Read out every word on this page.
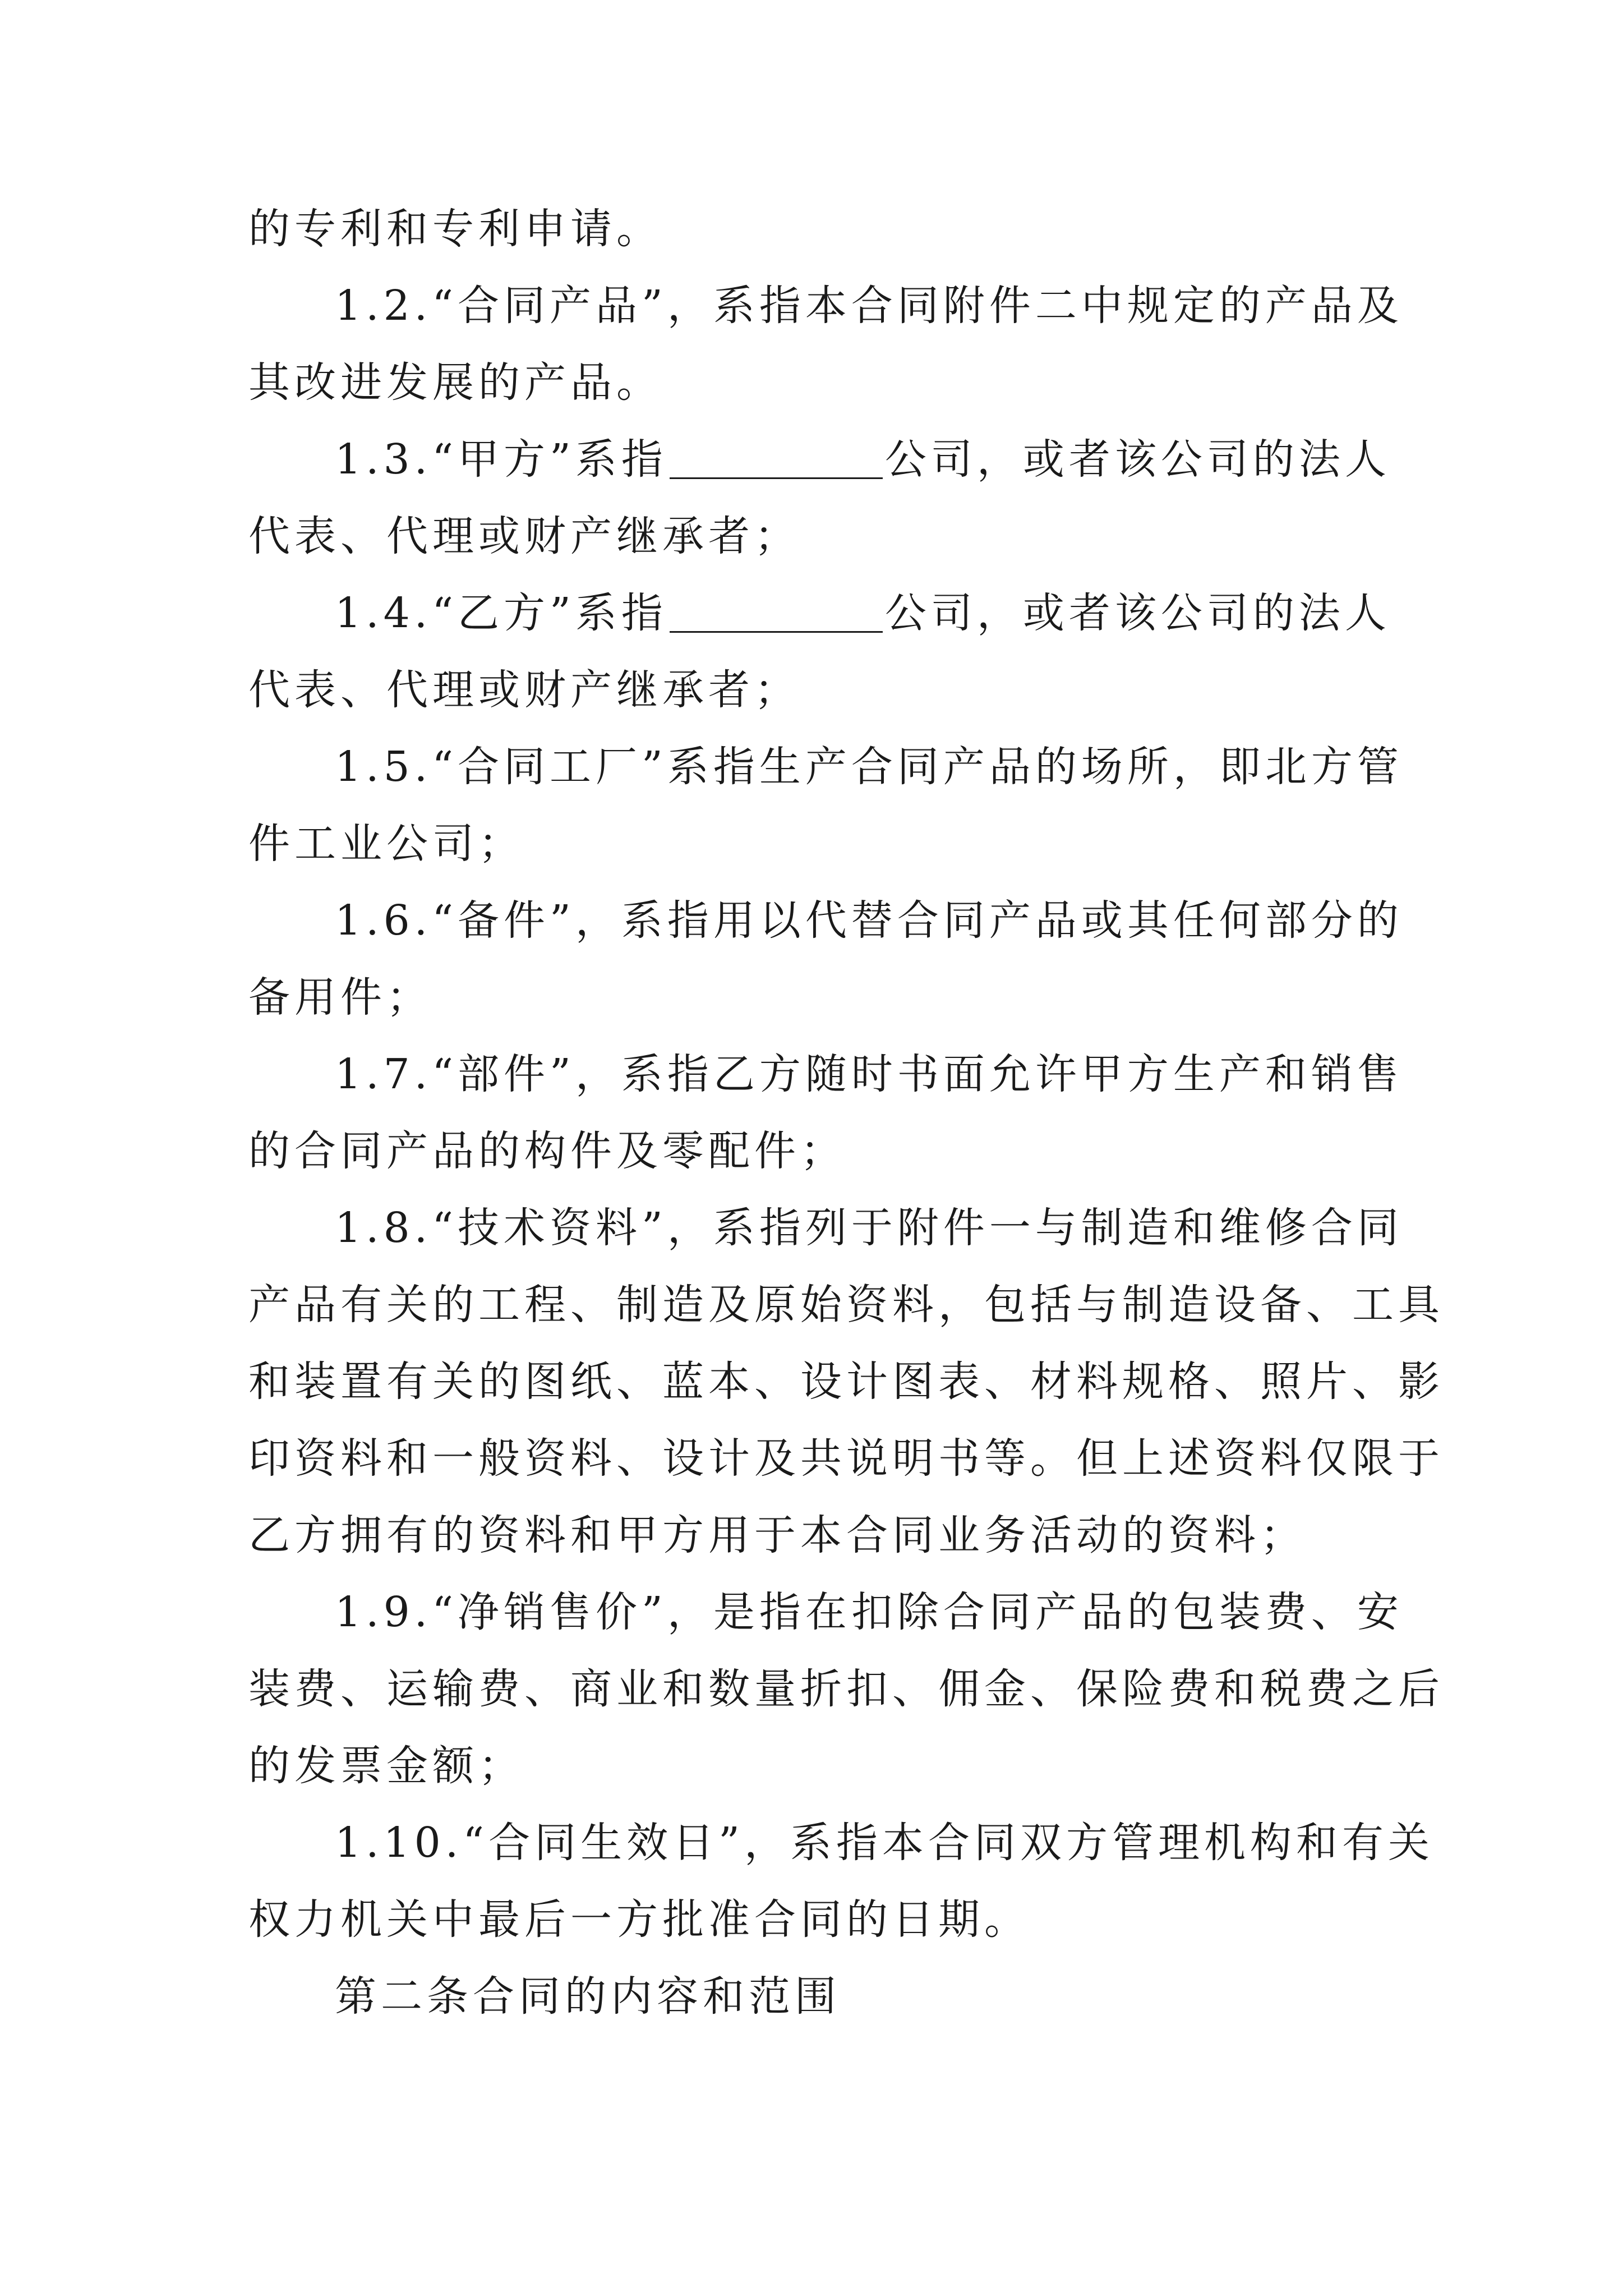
的专利和专利申请。
1.2.“合同产品”，系指本合同附件二中规定的产品及
其改进发展的产品。
1.3.“甲方”系指	公司，或者该公司的法人
代表、代理或财产继承者；
1.4.“乙方”系指	公司，或者该公司的法人
代表、代理或财产继承者；
1.5.“合同工厂”系指生产合同产品的场所，即北方管
件工业公司；
1.6.“备件”，系指用以代替合同产品或其任何部分的
备用件；
1.7.“部件”，系指乙方随时书面允许甲方生产和销售
的合同产品的构件及零配件；
1.8.“技术资料”，系指列于附件一与制造和维修合同
产品有关的工程、制造及原始资料，包括与制造设备、工具
和装置有关的图纸、蓝本、设计图表、材料规格、照片、影
印资料和一般资料、设计及共说明书等。但上述资料仅限于
乙方拥有的资料和甲方用于本合同业务活动的资料；
1.9.“净销售价”，是指在扣除合同产品的包装费、安
装费、运输费、商业和数量折扣、佣金、保险费和税费之后
的发票金额；
1.10.“合同生效日”，系指本合同双方管理机构和有关
权力机关中最后一方批准合同的日期。
第二条合同的内容和范围
